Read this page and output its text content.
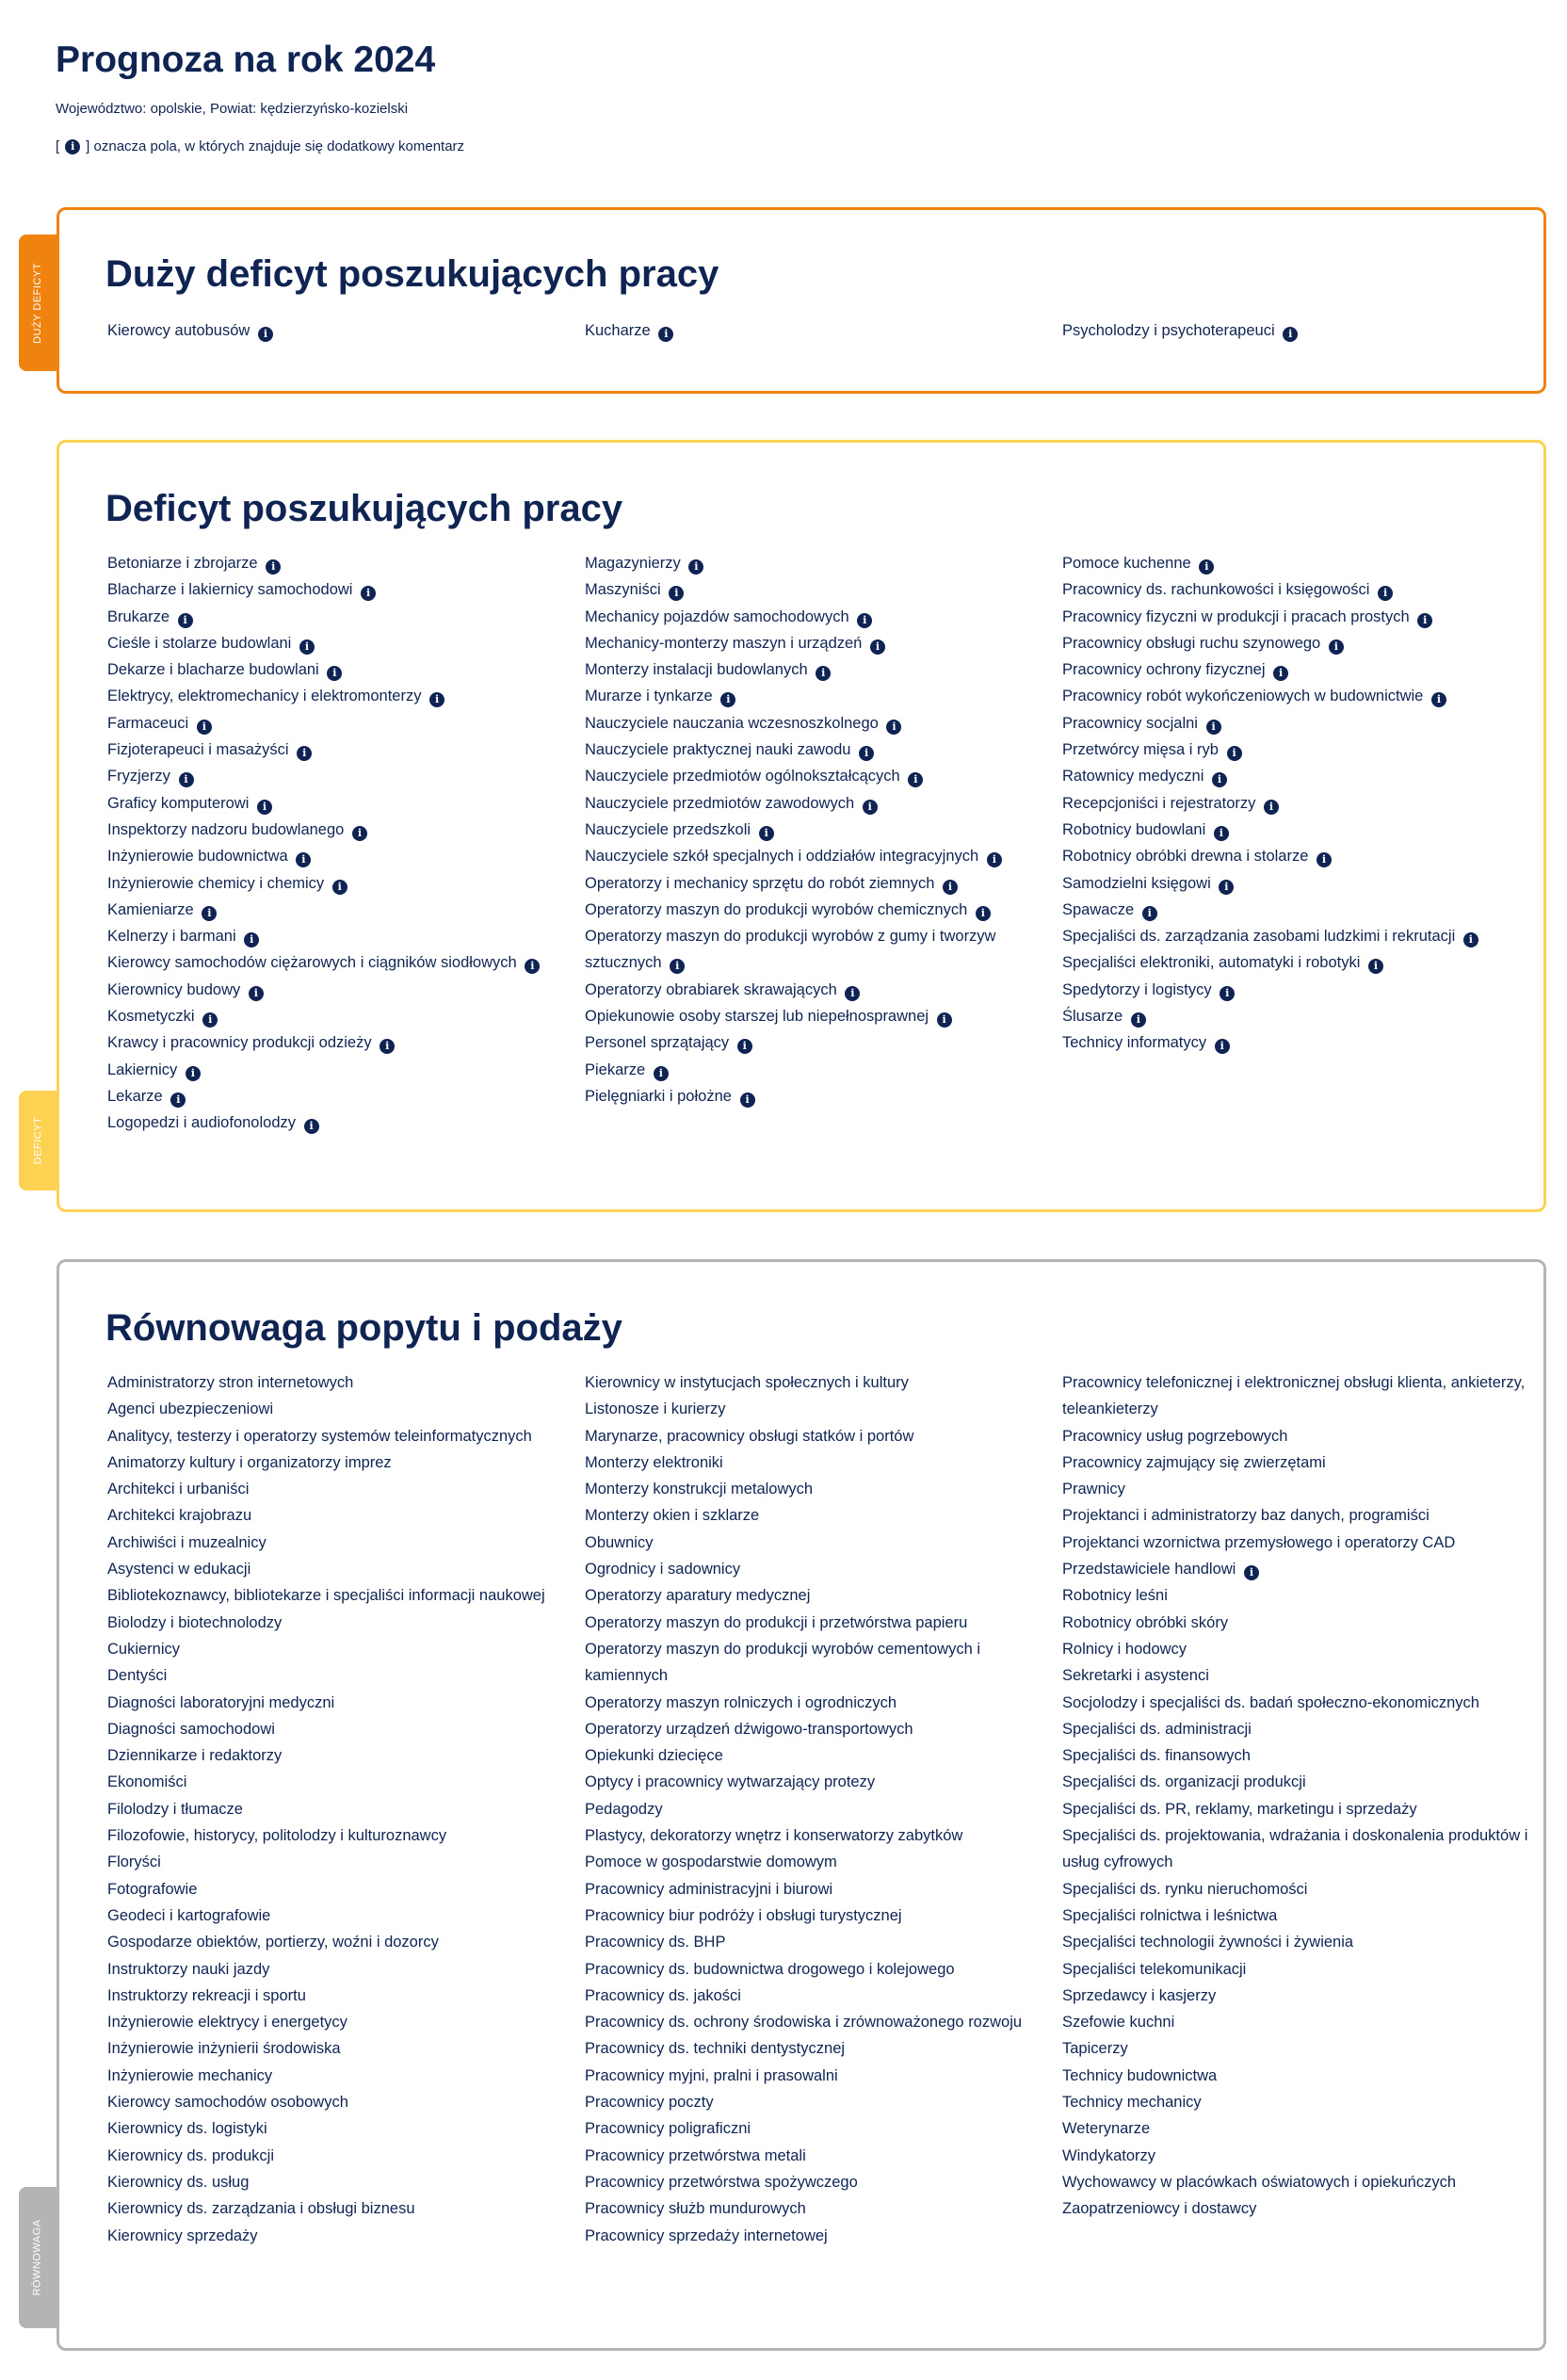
Prognoza na rok 2024
Województwo: opolskie, Powiat: kędzierzyńsko-kozielski
[	i ] oznacza pola, w których znajduje się dodatkowy komentarz
Duży deficyt poszukujących pracy
Kierowcy autobusów i	Kucharze i	Psycholodzy i psychoterapeuci i
DUŻY DEFICYT
Deficyt poszukujących pracy
Betoniarze i zbrojarze i
Blacharze i lakiernicy samochodowi i
Brukarze i
Cieśle i stolarze budowlani i
Dekarze i blacharze budowlani i
Elektrycy, elektromechanicy i elektromonterzy i
Farmaceuci i
Fizjoterapeuci i masażyści i
Fryzjerzy i
Graficy komputerowi i
Inspektorzy nadzoru budowlanego i
Inżynierowie budownictwa i
Inżynierowie chemicy i chemicy i
Kamieniarze i
Kelnerzy i barmani i
Kierowcy samochodów ciężarowych i ciągników siodłowych i
Kierownicy budowy i
Kosmetyczki i
Krawcy i pracownicy produkcji odzieży i
Lakiernicy i
Lekarze i
Logopedzi i audiofonolodzy i
Magazynierzy i
Maszyniści i
Mechanicy pojazdów samochodowych i
Mechanicy-monterzy maszyn i urządzeń i
Monterzy instalacji budowlanych i
Murarze i tynkarze i
Nauczyciele nauczania wczesnoszkolnego i
Nauczyciele praktycznej nauki zawodu i
Nauczyciele przedmiotów ogólnokształcących i
Nauczyciele przedmiotów zawodowych i
Nauczyciele przedszkoli i
Nauczyciele szkół specjalnych i oddziałów integracyjnych i
Operatorzy i mechanicy sprzętu do robót ziemnych i
Operatorzy maszyn do produkcji wyrobów chemicznych i
Operatorzy maszyn do produkcji wyrobów z gumy i tworzyw sztucznych i
Operatorzy obrabiarek skrawających i
Opiekunowie osoby starszej lub niepełnosprawnej i
Personel sprzątający i
Piekarze i
Pielęgniarki i położne i
Pomoce kuchenne i
Pracownicy ds. rachunkowości i księgowości i
Pracownicy fizyczni w produkcji i pracach prostych i
Pracownicy obsługi ruchu szynowego i
Pracownicy ochrony fizycznej i
Pracownicy robót wykończeniowych w budownictwie i
Pracownicy socjalni i
Przetwórcy mięsa i ryb i
Ratownicy medyczni i
Recepcjoniści i rejestratorzy i
Robotnicy budowlani i
Robotnicy obróbki drewna i stolarze i
Samodzielni księgowi i
Spawacze i
Specjaliści ds. zarządzania zasobami ludzkimi i rekrutacji i
Specjaliści elektroniki, automatyki i robotyki i
Spedytorzy i logistycy i
Ślusarze i
Technicy informatycy i
DEFICYT
Równowaga popytu i podaży
Administratorzy stron internetowych
Agenci ubezpieczeniowi
Analitycy, testerzy i operatorzy systemów teleinformatycznych
Animatorzy kultury i organizatorzy imprez
Architekci i urbaniści
Architekci krajobrazu
Archiwiści i muzealnicy
Asystenci w edukacji
Bibliotekoznawcy, bibliotekarze i specjaliści informacji naukowej
Biolodzy i biotechnolodzy
Cukiernicy
Dentyści
Diagności laboratoryjni medyczni
Diagności samochodowi
Dziennikarze i redaktorzy
Ekonomiści
Filolodzy i tłumacze
Filozofowie, historycy, politolodzy i kulturoznawcy
Floryści
Fotografowie
Geodeci i kartografowie
Gospodarze obiektów, portierzy, woźni i dozorcy
Instruktorzy nauki jazdy
Instruktorzy rekreacji i sportu
Inżynierowie elektrycy i energetycy
Inżynierowie inżynierii środowiska
Inżynierowie mechanicy
Kierowcy samochodów osobowych
Kierownicy ds. logistyki
Kierownicy ds. produkcji
Kierownicy ds. usług
Kierownicy ds. zarządzania i obsługi biznesu
Kierownicy sprzedaży
Kierownicy w instytucjach społecznych i kultury
Listonosze i kurierzy
Marynarze, pracownicy obsługi statków i portów
Monterzy elektroniki
Monterzy konstrukcji metalowych
Monterzy okien i szklarze
Obuwnicy
Ogrodnicy i sadownicy
Operatorzy aparatury medycznej
Operatorzy maszyn do produkcji i przetwórstwa papieru
Operatorzy maszyn do produkcji wyrobów cementowych i kamiennych
Operatorzy maszyn rolniczych i ogrodniczych
Operatorzy urządzeń dźwigowo-transportowych
Opiekunki dziecięce
Optycy i pracownicy wytwarzający protezy
Pedagodzy
Plastycy, dekoratorzy wnętrz i konserwatorzy zabytków
Pomoce w gospodarstwie domowym
Pracownicy administracyjni i biurowi
Pracownicy biur podróży i obsługi turystycznej
Pracownicy ds. BHP
Pracownicy ds. budownictwa drogowego i kolejowego
Pracownicy ds. jakości
Pracownicy ds. ochrony środowiska i zrównoważonego rozwoju
Pracownicy ds. techniki dentystycznej
Pracownicy myjni, pralni i prasowalni
Pracownicy poczty
Pracownicy poligraficzni
Pracownicy przetwórstwa metali
Pracownicy przetwórstwa spożywczego
Pracownicy służb mundurowych
Pracownicy sprzedaży internetowej
Pracownicy telefonicznej i elektronicznej obsługi klienta, ankieterzy, teleankieterzy
Pracownicy usług pogrzebowych
Pracownicy zajmujący się zwierzętami
Prawnicy
Projektanci i administratorzy baz danych, programiści
Projektanci wzornictwa przemysłowego i operatorzy CAD
Przedstawiciele handlowi i
Robotnicy leśni
Robotnicy obróbki skóry
Rolnicy i hodowcy
Sekretarki i asystenci
Socjolodzy i specjaliści ds. badań społeczno-ekonomicznych
Specjaliści ds. administracji
Specjaliści ds. finansowych
Specjaliści ds. organizacji produkcji
Specjaliści ds. PR, reklamy, marketingu i sprzedaży
Specjaliści ds. projektowania, wdrażania i doskonalenia produktów i usług cyfrowych
Specjaliści ds. rynku nieruchomości
Specjaliści rolnictwa i leśnictwa
Specjaliści technologii żywności i żywienia
Specjaliści telekomunikacji
Sprzedawcy i kasjerzy
Szefowie kuchni
Tapicerzy
Technicy budownictwa
Technicy mechanicy
Weterynarze
Windykatorzy
Wychowawcy w placówkach oświatowych i opiekuńczych
Zaopatrzeniowcy i dostawcy
RÓWNOWAGA
